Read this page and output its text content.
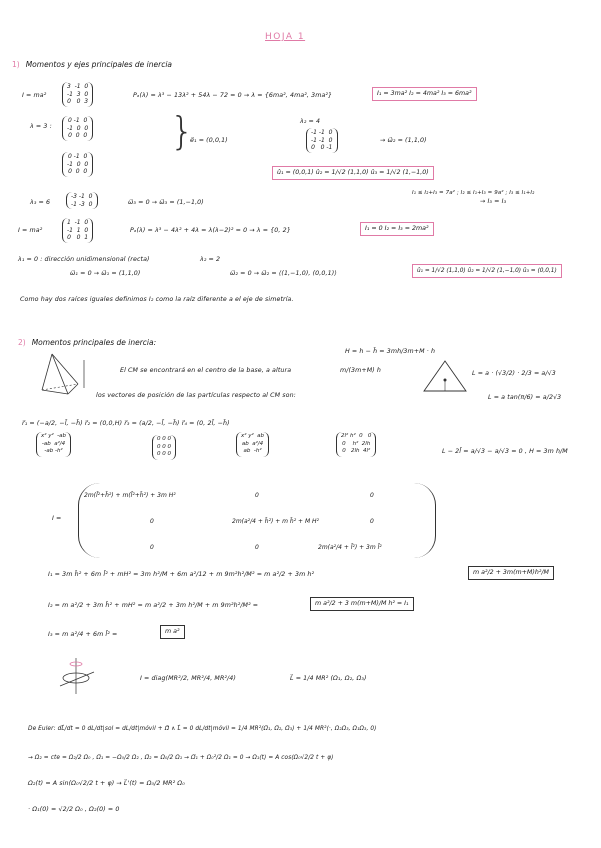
HOJA 1
1) Momentos y ejes principales de inercia
I = ma²
3  -1  0
-1  3  0
0   0  3
Pₐ(λ) = λ³ − 13λ² + 54λ − 72 = 0 → λ = {6ma², 4ma², 3ma²}	I₁ = 3ma² I₂ = 4ma² I₃ = 6ma²
λ = 3 :
0 -1  0
-1  0  0
0  0  0
0 -1  0
-1  0  0
0  0  0
}
e⃗₁ = (0,0,1)
λ₂ = 4
-1 -1  0
-1 -1  0
0   0 -1
→ ω⃗₂ = (1,1,0)
û₁ = (0,0,1) û₂ = 1/√2 (1,1,0) û₃ = 1/√2 (1,−1,0)
I₁ ≤ I₂+I₃ = 7a² ; I₂ ≤ I₁+I₃ = 9a² ; I₃ ≤ I₁+I₂
→ I₃ = I₃
λ₃ = 6
-3 -1  0
-1 -3  0	ω⃗₃ = 0 → ω⃗₃ = (1,−1,0)
I = ma²
1  -1  0
-1  1  0
0   0  1
Pₐ(λ) = λ³ − 4λ² + 4λ = λ(λ−2)² = 0 → λ = {0, 2}	I₁ = 0 I₂ = I₃ = 2ma²
λ₁ = 0 : dirección unidimensional (recta)
ω⃗₁ = 0 → ω⃗₁ = (1,1,0)
λ₂ = 2
ω⃗₂ = 0 → ω⃗₂ = ⟨(1,−1,0), (0,0,1)⟩	û₁ = 1/√2 (1,1,0) û₂ = 1/√2 (1,−1,0) û₃ = (0,0,1)
Como hay dos raíces iguales definimos I₂ como la raíz diferente a el eje de simetría.
2) Momentos principales de inercia:
H = h − h̄ = 3mh/3m+M · h
El CM se encontrará en el centro de la base, a altura	m/(3m+M) h
los vectores de posición de las partículas respecto al CM son:
L = a · (√3/2) · 2/3 = a/√3
L = a tan(π/6) = a/2√3
r⃗₁ = (−a/2, −l̄, −h̄) r⃗₂ = (0,0,H) r⃗₃ = (a/2, −l̄, −h̄) r⃗₄ = (0, 2l̄, −h̄)
x² y²  -ab
-ab  a²/4
-ab -h²
0 0 0
0 0 0
0 0 0
x² y²  ab
ab  a²/4
ab  -h²
2l² h²  0   0
0    h²  2lh
0   2lh  4l²	L − 2l̄ = a/√3 − a/√3 = 0 , H = 3m h/M
I =
2m(l̄²+h̄²) + m(l̄²+h̄²) + 3m H²	0	0
0	2m(a²/4 + h̄²) + m h̄² + M H²	0
0	0	2m(a²/4 + l̄²) + 3m l̄²
I₁ = 3m h̄² + 6m l̄² + mH² = 3m h²/M + 6m a²/12 + m 9m²h²/M² = m a²/2 + 3m h²	m a²/2 + 3m(m+M)h²/M
I₂ = m a²/2 + 3m h̄² + mH² = m a²/2 + 3m h²/M + m 9m²h²/M² =	m a²/2 + 3 m(m+M)/M h² = I₁
I₃ = m a²/4 + 6m l̄² =	m a²
I = diag(MR²/2, MR²/4, MR²/4)	L⃗ = 1/4 MR² (Ω₁, Ω₂, Ω₃)
De Euler: dL⃗/dt = 0 dL/dt|sol = dL/dt|móvil + Ω⃗ ∧ L⃗ = 0 dL/dt|móvil = 1/4 MR²(Ω̇₁, Ω̇₂, Ω̇₃) + 1/4 MR²(·, Ω₂Ω₃, Ω₁Ω₃, 0)
→ Ω₂ = cte = Ω₂/2 Ω₀ , Ω̇₁ = −Ω₀/2 Ω₂ , Ω̇₂ = Ω₀/2 Ω₁ → Ω̈₁ + Ω₀²/2 Ω₁ = 0 → Ω₁(t) = A cos(Ω₀√2/2 t + φ)
Ω₂(t) = A sin(Ω₀√2/2 t + φ) → L⃗'(t) = Ω₀/2 MR² Ω₀
· Ω₁(0) = √2/2 Ω₀ , Ω₂(0) = 0
